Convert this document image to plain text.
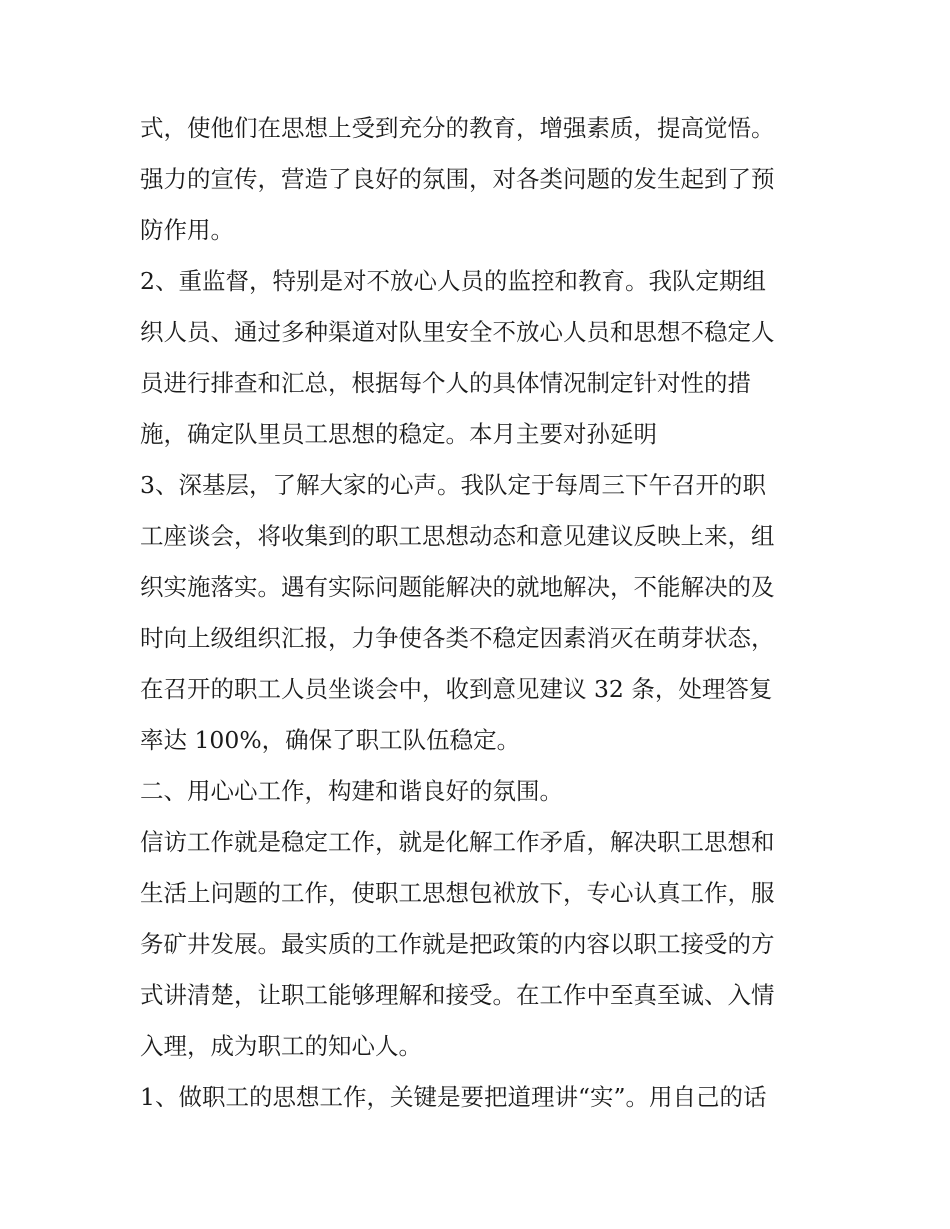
式，使他们在思想上受到充分的教育，增强素质，提高觉悟。
强力的宣传，营造了良好的氛围，对各类问题的发生起到了预
防作用。
2、重监督，特别是对不放心人员的监控和教育。我队定期组
织人员、通过多种渠道对队里安全不放心人员和思想不稳定人
员进行排查和汇总，根据每个人的具体情况制定针对性的措
施，确定队里员工思想的稳定。本月主要对孙延明
3、深基层，了解大家的心声。我队定于每周三下午召开的职
工座谈会，将收集到的职工思想动态和意见建议反映上来，组
织实施落实。遇有实际问题能解决的就地解决，不能解决的及
时向上级组织汇报，力争使各类不稳定因素消灭在萌芽状态，
在召开的职工人员坐谈会中，收到意见建议 32 条，处理答复
率达 100%，确保了职工队伍稳定。
二、用心心工作，构建和谐良好的氛围。
信访工作就是稳定工作，就是化解工作矛盾，解决职工思想和
生活上问题的工作，使职工思想包袱放下，专心认真工作，服
务矿井发展。最实质的工作就是把政策的内容以职工接受的方
式讲清楚，让职工能够理解和接受。在工作中至真至诚、入情
入理，成为职工的知心人。
1、做职工的思想工作，关键是要把道理讲“实”。用自己的话
